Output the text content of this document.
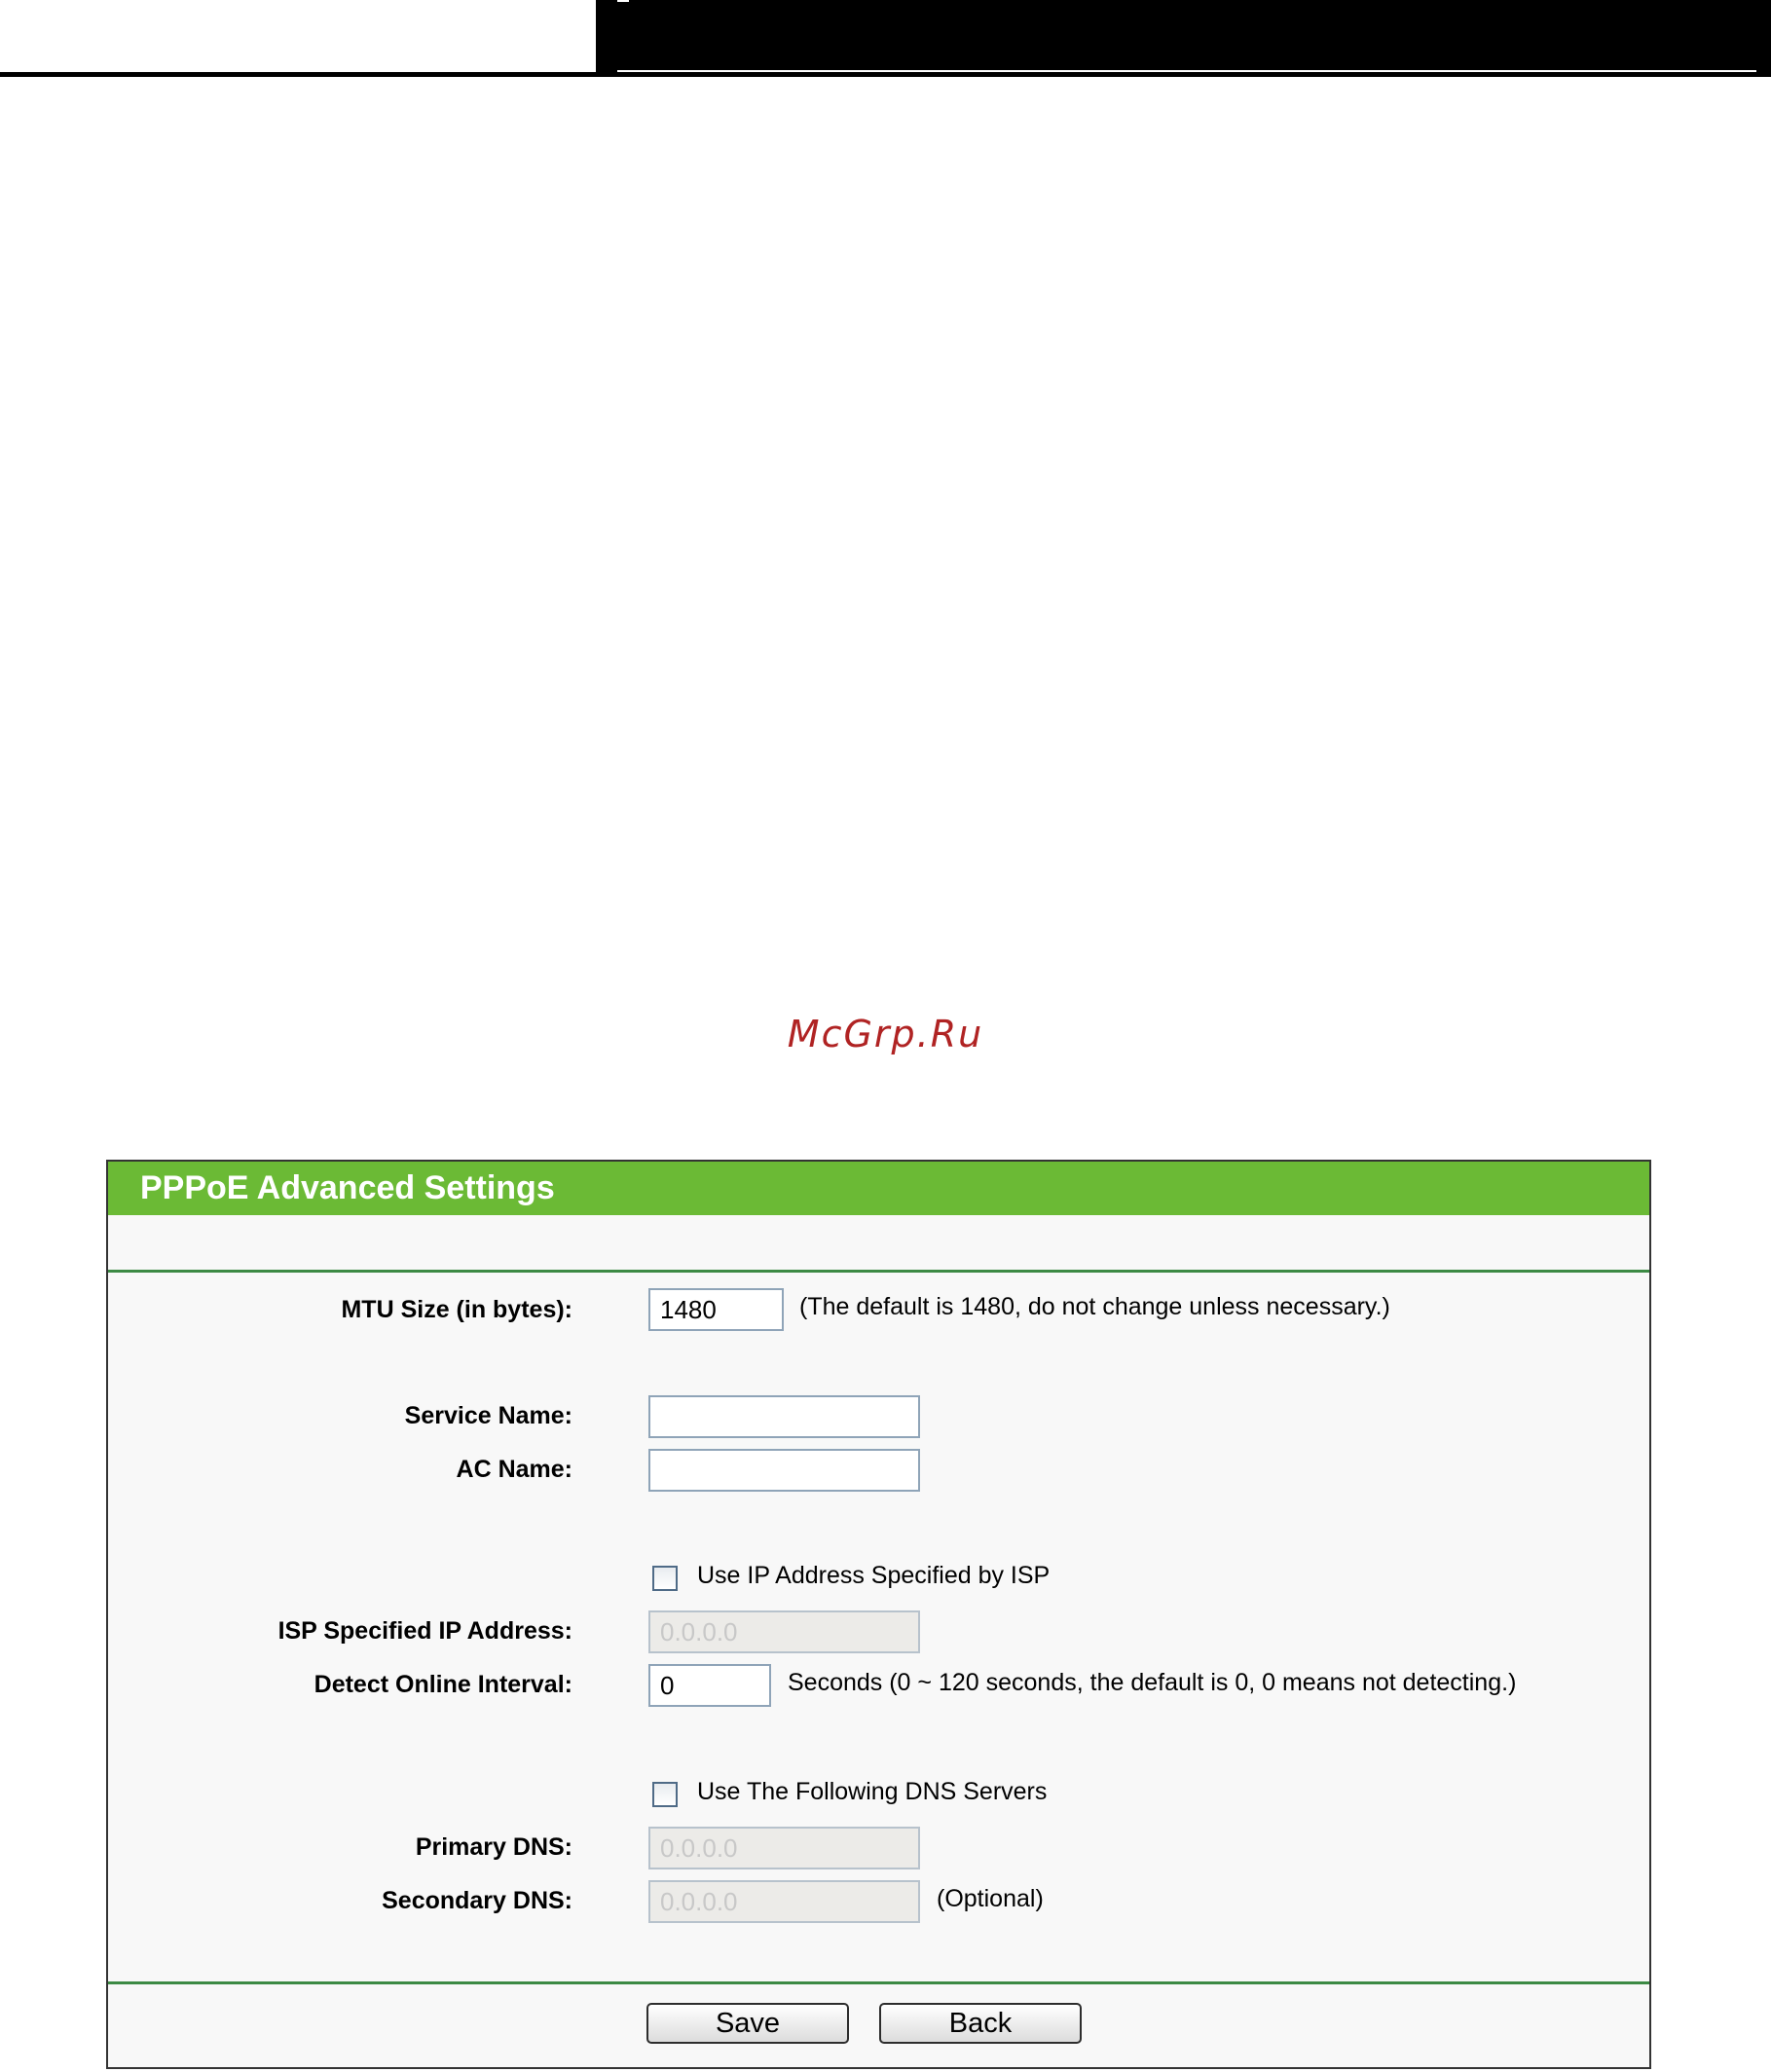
McGrp.Ru
PPPoE Advanced Settings
MTU Size (in bytes):
1480	(The default is 1480, do not change unless necessary.)
Service Name:
AC Name:
Use IP Address Specified by ISP
ISP Specified IP Address:
0.0.0.0
Detect Online Interval:
0	Seconds (0 ~ 120 seconds, the default is 0, 0 means not detecting.)
Use The Following DNS Servers
Primary DNS:
0.0.0.0
Secondary DNS:
0.0.0.0	(Optional)
Save	Back
